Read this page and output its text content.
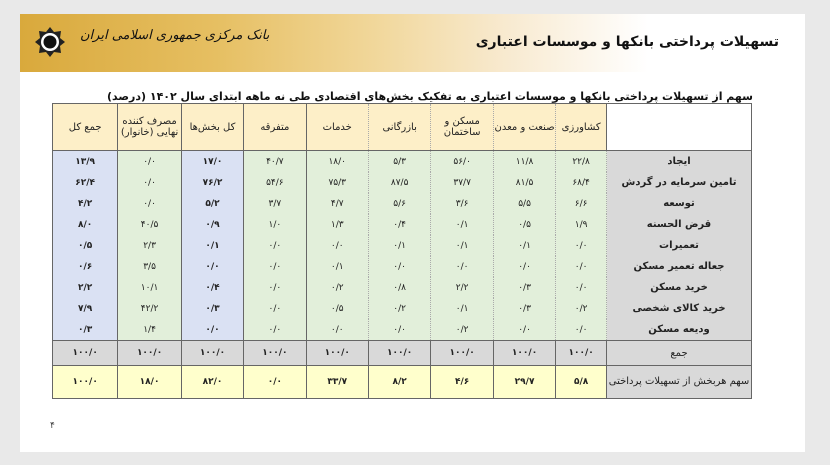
بانک مرکزی جمهوری اسلامی ایران	تسهیلات پرداختی بانکها و موسسات اعتباری
سهم از تسهیلات پرداختی بانکها و موسسات اعتباری به تفکیک بخش‌های اقتصادی طی نه ماهه ابتدای سال ۱۴۰۲ (درصد)
	کشاورزی	صنعت و معدن	مسکن و ساختمان	بازرگانی	خدمات	متفرقه	کل بخش‌ها	مصرف کننده نهایی (خانوار)	جمع کل
ایجاد	۲۲/۸	۱۱/۸	۵۶/۰	۵/۳	۱۸/۰	۴۰/۷	۱۷/۰	۰/۰	۱۳/۹
تامین سرمایه در گردش	۶۸/۴	۸۱/۵	۳۷/۷	۸۷/۵	۷۵/۳	۵۴/۶	۷۶/۲	۰/۰	۶۲/۴
توسعه	۶/۶	۵/۵	۳/۶	۵/۶	۴/۷	۳/۷	۵/۲	۰/۰	۴/۲
قرض الحسنه	۱/۹	۰/۵	۰/۱	۰/۴	۱/۳	۱/۰	۰/۹	۴۰/۵	۸/۰
تعمیرات	۰/۰	۰/۱	۰/۱	۰/۱	۰/۰	۰/۰	۰/۱	۲/۳	۰/۵
جعاله تعمیر مسکن	۰/۰	۰/۰	۰/۰	۰/۰	۰/۱	۰/۰	۰/۰	۳/۵	۰/۶
خرید مسکن	۰/۰	۰/۳	۲/۲	۰/۸	۰/۲	۰/۰	۰/۴	۱۰/۱	۲/۲
خرید کالای شخصی	۰/۲	۰/۳	۰/۱	۰/۲	۰/۵	۰/۰	۰/۳	۴۲/۲	۷/۹
ودیعه مسکن	۰/۰	۰/۰	۰/۲	۰/۰	۰/۰	۰/۰	۰/۰	۱/۴	۰/۳
جمع	۱۰۰/۰	۱۰۰/۰	۱۰۰/۰	۱۰۰/۰	۱۰۰/۰	۱۰۰/۰	۱۰۰/۰	۱۰۰/۰	۱۰۰/۰
سهم هربخش از تسهیلات پرداختی	۵/۸	۲۹/۷	۴/۶	۸/۲	۳۳/۷	۰/۰	۸۲/۰	۱۸/۰	۱۰۰/۰
۴
